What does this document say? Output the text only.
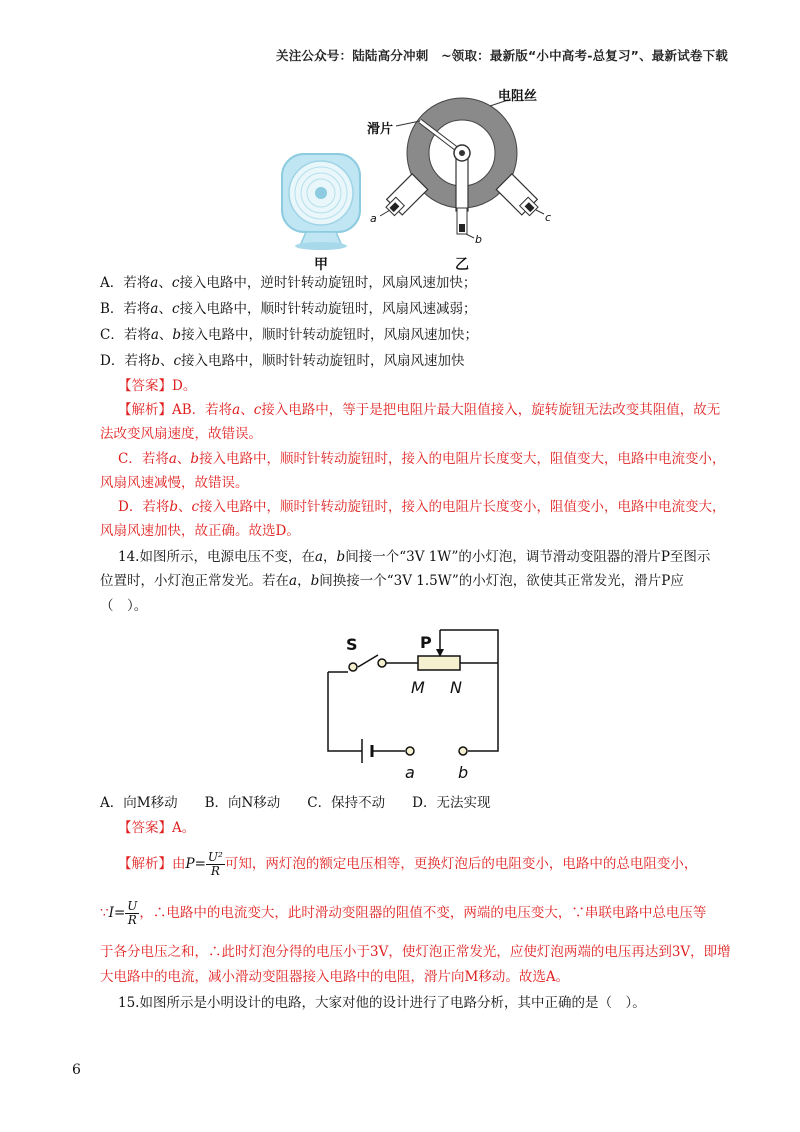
关注公众号：陆陆高分冲刺　~领取：最新版“小中高考-总复习”、最新试卷下载
甲
电阻丝
滑片
a	c
b
乙
A．若将a、c接入电路中，逆时针转动旋钮时，风扇风速加快；
B．若将a、c接入电路中，顺时针转动旋钮时，风扇风速减弱；
C．若将a、b接入电路中，顺时针转动旋钮时，风扇风速加快；
D．若将b、c接入电路中，顺时针转动旋钮时，风扇风速加快
【答案】D。
【解析】AB．若将a、c接入电路中，等于是把电阻片最大阻值接入，旋转旋钮无法改变其阻值，故无
法改变风扇速度，故错误。
C．若将a、b接入电路中，顺时针转动旋钮时，接入的电阻片长度变大，阻值变大，电路中电流变小，
风扇风速减慢，故错误。
D．若将b、c接入电路中，顺时针转动旋钮时，接入的电阻片长度变小，阻值变小，电路中电流变大，
风扇风速加快，故正确。故选D。
14.如图所示，电源电压不变，在a，b间接一个“3V 1W”的小灯泡，调节滑动变阻器的滑片P至图示
位置时，小灯泡正常发光。若在a，b间换接一个“3V 1.5W”的小灯泡，欲使其正常发光，滑片P应
（　）。
S	P
M N
a	b
A．向M移动　　B．向N移动　　C．保持不动　　D．无法实现
【答案】A。
【解析】由$P= \frac{\text{U²}}{R}$ 可知，两灯泡的额定电压相等，更换灯泡后的电阻变小，电路中的总电阻变小，
∵I= $\frac{U}{R}$ ，∴电路中的电流变大，此时滑动变阻器的阻值不变，两端的电压变大，∵串联电路中总电压等
于各分电压之和，∴此时灯泡分得的电压小于3V，使灯泡正常发光，应使灯泡两端的电压再达到3V，即增
大电路中的电流，减小滑动变阻器接入电路中的电阻，滑片向M移动。故选A。
15.如图所示是小明设计的电路，大家对他的设计进行了电路分析，其中正确的是（　）。
6
